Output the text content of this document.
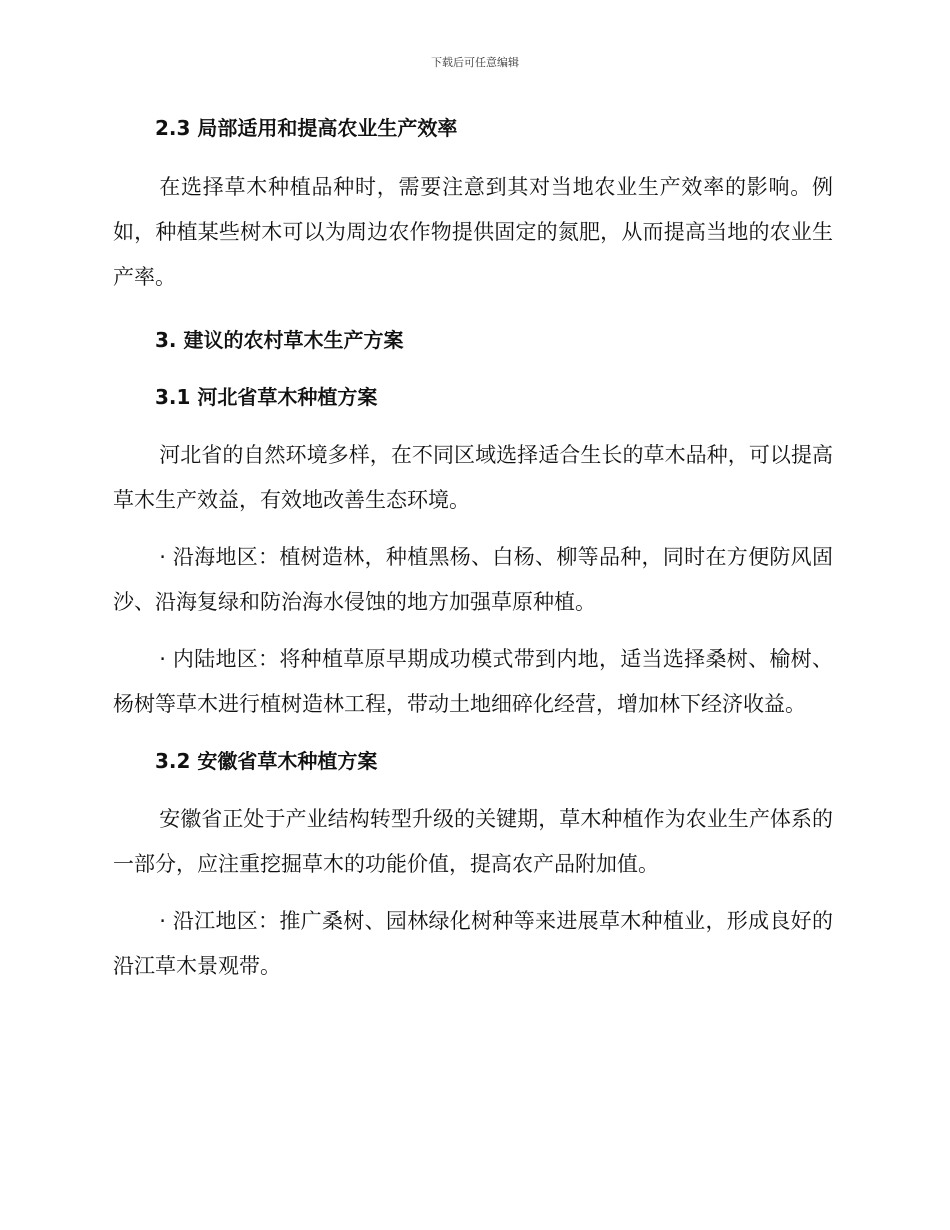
下载后可任意编辑
2.3 局部适用和提高农业生产效率

在选择草木种植品种时，需要注意到其对当地农业生产效率的影响。例如，种植某些树木可以为周边农作物提供固定的氮肥，从而提高当地的农业生产率。

3. 建议的农村草木生产方案
3.1 河北省草木种植方案

河北省的自然环境多样，在不同区域选择适合生长的草木品种，可以提高草木生产效益，有效地改善生态环境。

· 沿海地区：植树造林，种植黑杨、白杨、柳等品种，同时在方便防风固沙、沿海复绿和防治海水侵蚀的地方加强草原种植。

· 内陆地区：将种植草原早期成功模式带到内地，适当选择桑树、榆树、杨树等草木进行植树造林工程，带动土地细碎化经营，增加林下经济收益。

3.2 安徽省草木种植方案

安徽省正处于产业结构转型升级的关键期，草木种植作为农业生产体系的一部分，应注重挖掘草木的功能价值，提高农产品附加值。

· 沿江地区：推广桑树、园林绿化树种等来进展草木种植业，形成良好的沿江草木景观带。
